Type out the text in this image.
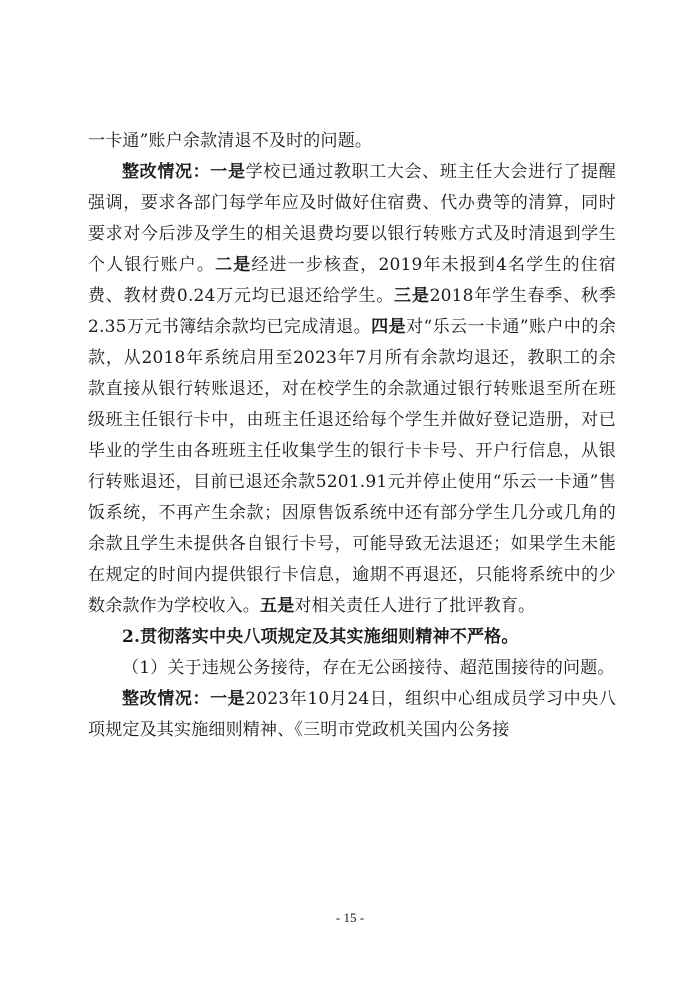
一卡通”账户余款清退不及时的问题。

整改情况：一是学校已通过教职工大会、班主任大会进行了提醒强调，要求各部门每学年应及时做好住宿费、代办费等的清算，同时要求对今后涉及学生的相关退费均要以银行转账方式及时清退到学生个人银行账户。二是经进一步核查，2019年未报到4名学生的住宿费、教材费0.24万元均已退还给学生。三是2018年学生春季、秋季2.35万元书簿结余款均已完成清退。四是对“乐云一卡通”账户中的余款，从2018年系统启用至2023年7月所有余款均退还，教职工的余款直接从银行转账退还，对在校学生的余款通过银行转账退至所在班级班主任银行卡中，由班主任退还给每个学生并做好登记造册，对已毕业的学生由各班班主任收集学生的银行卡卡号、开户行信息，从银行转账退还，目前已退还余款5201.91元并停止使用“乐云一卡通”售饭系统，不再产生余款；因原售饭系统中还有部分学生几分或几角的余款且学生未提供各自银行卡号，可能导致无法退还；如果学生未能在规定的时间内提供银行卡信息，逾期不再退还，只能将系统中的少数余款作为学校收入。五是对相关责任人进行了批评教育。

2.贯彻落实中央八项规定及其实施细则精神不严格。

（1）关于违规公务接待，存在无公函接待、超范围接待的问题。

整改情况：一是2023年10月24日，组织中心组成员学习中央八项规定及其实施细则精神、《三明市党政机关国内公务接

- 15 -
